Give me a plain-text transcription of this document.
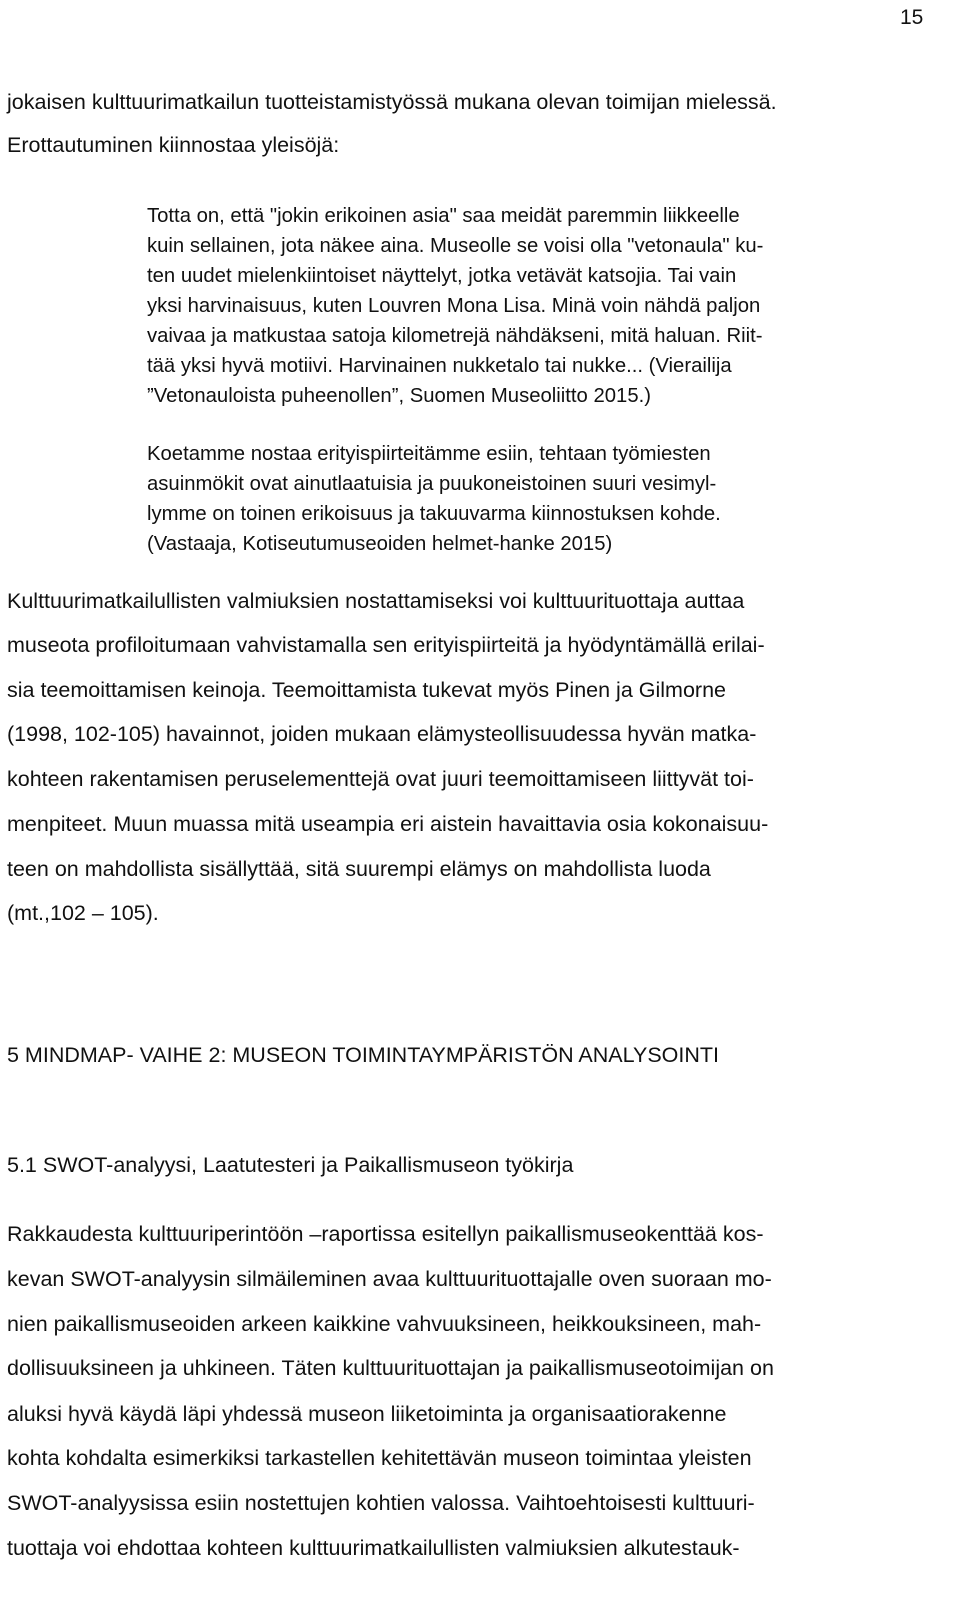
15
jokaisen kulttuurimatkailun tuotteistamistyössä mukana olevan toimijan mielessä.
Erottautuminen kiinnostaa yleisöjä:
Totta on, että "jokin erikoinen asia" saa meidät paremmin liikkeelle
kuin sellainen, jota näkee aina. Museolle se voisi olla "vetonaula" ku-
ten uudet mielenkiintoiset näyttelyt, jotka vetävät katsojia. Tai vain
yksi harvinaisuus, kuten Louvren Mona Lisa. Minä voin nähdä paljon
vaivaa ja matkustaa satoja kilometrejä nähdäkseni, mitä haluan. Riit-
tää yksi hyvä motiivi. Harvinainen nukketalo tai nukke... (Vierailija
”Vetonauloista puheenollen”, Suomen Museoliitto 2015.)
Koetamme nostaa erityispiirteitämme esiin, tehtaan työmiesten
asuinmökit ovat ainutlaatuisia ja puukoneistoinen suuri vesimyl-
lymme on toinen erikoisuus ja takuuvarma kiinnostuksen kohde.
(Vastaaja, Kotiseutumuseoiden helmet-hanke 2015)
Kulttuurimatkailullisten valmiuksien nostattamiseksi voi kulttuurituottaja auttaa
museota profiloitumaan vahvistamalla sen erityispiirteitä ja hyödyntämällä erilai-
sia teemoittamisen keinoja. Teemoittamista tukevat myös Pinen ja Gilmorne
(1998, 102-105) havainnot, joiden mukaan elämysteollisuudessa hyvän matka-
kohteen rakentamisen peruselementtejä ovat juuri teemoittamiseen liittyvät toi-
menpiteet. Muun muassa mitä useampia eri aistein havaittavia osia kokonaisuu-
teen on mahdollista sisällyttää, sitä suurempi elämys on mahdollista luoda
(mt.,102 – 105).
5 MINDMAP- VAIHE 2: MUSEON TOIMINTAYMPÄRISTÖN ANALYSOINTI
5.1 SWOT-analyysi, Laatutesteri ja Paikallismuseon työkirja
Rakkaudesta kulttuuriperintöön –raportissa esitellyn paikallismuseokenttää kos-
kevan SWOT-analyysin silmäileminen avaa kulttuurituottajalle oven suoraan mo-
nien paikallismuseoiden arkeen kaikkine vahvuuksineen, heikkouksineen, mah-
dollisuuksineen ja uhkineen. Täten kulttuurituottajan ja paikallismuseotoimijan on
aluksi hyvä käydä läpi yhdessä museon liiketoiminta ja organisaatiorakenne
kohta kohdalta esimerkiksi tarkastellen kehitettävän museon toimintaa yleisten
SWOT-analyysissa esiin nostettujen kohtien valossa. Vaihtoehtoisesti kulttuuri-
tuottaja voi ehdottaa kohteen kulttuurimatkailullisten valmiuksien alkutestauk-
